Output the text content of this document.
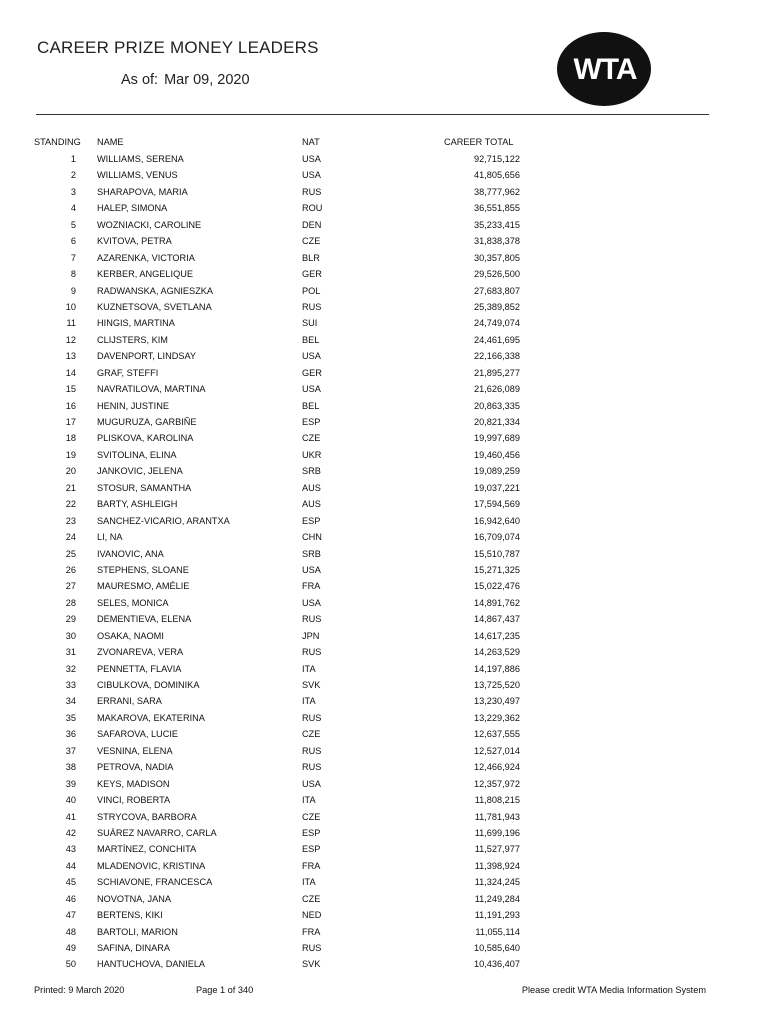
CAREER PRIZE MONEY LEADERS
As of: Mar 09, 2020	WTA
STANDING NAME	NAT	CAREER TOTAL
1 WILLIAMS, SERENA	USA	92,715,122
2 WILLIAMS, VENUS	USA	41,805,656
3 SHARAPOVA, MARIA	RUS	38,777,962
4 HALEP, SIMONA	ROU	36,551,855
5 WOZNIACKI, CAROLINE	DEN	35,233,415
6 KVITOVA, PETRA	CZE	31,838,378
7 AZARENKA, VICTORIA	BLR	30,357,805
8 KERBER, ANGELIQUE	GER	29,526,500
9 RADWANSKA, AGNIESZKA	POL	27,683,807
10 KUZNETSOVA, SVETLANA	RUS	25,389,852
11 HINGIS, MARTINA	SUI	24,749,074
12 CLIJSTERS, KIM	BEL	24,461,695
13 DAVENPORT, LINDSAY	USA	22,166,338
14 GRAF, STEFFI	GER	21,895,277
15 NAVRATILOVA, MARTINA	USA	21,626,089
16 HENIN, JUSTINE	BEL	20,863,335
17 MUGURUZA, GARBIÑE	ESP	20,821,334
18 PLISKOVA, KAROLINA	CZE	19,997,689
19 SVITOLINA, ELINA	UKR	19,460,456
20 JANKOVIC, JELENA	SRB	19,089,259
21 STOSUR, SAMANTHA	AUS	19,037,221
22 BARTY, ASHLEIGH	AUS	17,594,569
23 SANCHEZ-VICARIO, ARANTXA	ESP	16,942,640
24 LI, NA	CHN	16,709,074
25 IVANOVIC, ANA	SRB	15,510,787
26 STEPHENS, SLOANE	USA	15,271,325
27 MAURESMO, AMÉLIE	FRA	15,022,476
28 SELES, MONICA	USA	14,891,762
29 DEMENTIEVA, ELENA	RUS	14,867,437
30 OSAKA, NAOMI	JPN	14,617,235
31 ZVONAREVA, VERA	RUS	14,263,529
32 PENNETTA, FLAVIA	ITA	14,197,886
33 CIBULKOVA, DOMINIKA	SVK	13,725,520
34 ERRANI, SARA	ITA	13,230,497
35 MAKAROVA, EKATERINA	RUS	13,229,362
36 SAFAROVA, LUCIE	CZE	12,637,555
37 VESNINA, ELENA	RUS	12,527,014
38 PETROVA, NADIA	RUS	12,466,924
39 KEYS, MADISON	USA	12,357,972
40 VINCI, ROBERTA	ITA	11,808,215
41 STRYCOVA, BARBORA	CZE	11,781,943
42 SUÁREZ NAVARRO, CARLA	ESP	11,699,196
43 MARTÍNEZ, CONCHITA	ESP	11,527,977
44 MLADENOVIC, KRISTINA	FRA	11,398,924
45 SCHIAVONE, FRANCESCA	ITA	11,324,245
46 NOVOTNA, JANA	CZE	11,249,284
47 BERTENS, KIKI	NED	11,191,293
48 BARTOLI, MARION	FRA	11,055,114
49 SAFINA, DINARA	RUS	10,585,640
50 HANTUCHOVA, DANIELA	SVK	10,436,407
Printed: 9 March 2020	Page 1 of 340	Please credit WTA Media Information System
